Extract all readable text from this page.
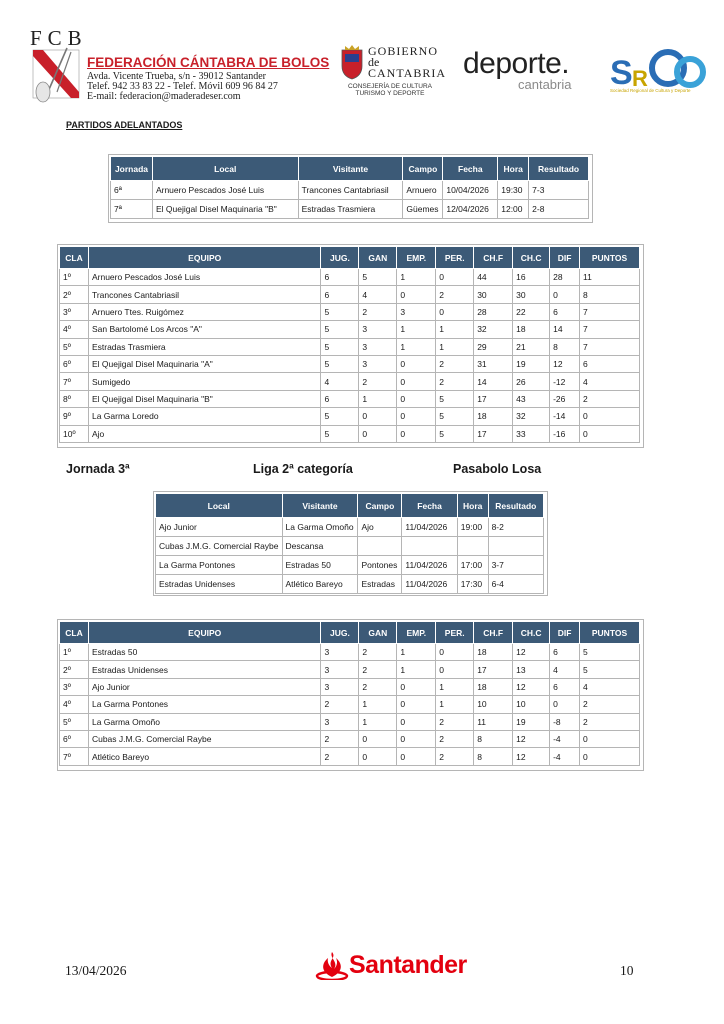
FCB
FEDERACIÓN CÁNTABRA DE BOLOS
Avda. Vicente Trueba, s/n - 39012 Santander
Telef. 942 33 83 22 - Telef. Móvil 609 96 84 27
E-mail: federacion@maderadeser.com
GOBIERNO
de
CANTABRIA
CONSEJERÍA DE CULTURA
TURISMO Y DEPORTE
deporte.
cantabria S R
Sociedad Regional de Cultura y Deporte
PARTIDOS ADELANTADOS
Jornada	Local	Visitante	Campo	Fecha	Hora	Resultado
6ª	Arnuero Pescados José Luis	Trancones Cantabriasil	Arnuero	10/04/2026	19:30	7-3
7ª	El Quejigal Disel Maquinaria "B"	Estradas Trasmiera	Güemes	12/04/2026	12:00	2-8
CLA	EQUIPO	JUG.	GAN	EMP.	PER.	CH.F	CH.C	DIF	PUNTOS
1º	Arnuero Pescados José Luis	6	5	1	0	44	16	28	11
2º	Trancones Cantabriasil	6	4	0	2	30	30	0	8
3º	Arnuero Ttes. Ruigómez	5	2	3	0	28	22	6	7
4º	San Bartolomé Los Arcos "A"	5	3	1	1	32	18	14	7
5º	Estradas Trasmiera	5	3	1	1	29	21	8	7
6º	El Quejigal Disel Maquinaria "A"	5	3	0	2	31	19	12	6
7º	Sumigedo	4	2	0	2	14	26	-12	4
8º	El Quejigal Disel Maquinaria "B"	6	1	0	5	17	43	-26	2
9º	La Garma Loredo	5	0	0	5	18	32	-14	0
10º	Ajo	5	0	0	5	17	33	-16	0
Jornada 3ª	Liga 2ª categoría	Pasabolo Losa
Local	Visitante	Campo	Fecha	Hora	Resultado
Ajo Junior	La Garma Omoño	Ajo	11/04/2026	19:00	8-2
Cubas J.M.G. Comercial Raybe	Descansa				
La Garma Pontones	Estradas 50	Pontones	11/04/2026	17:00	3-7
Estradas Unidenses	Atlético Bareyo	Estradas	11/04/2026	17:30	6-4
CLA	EQUIPO	JUG.	GAN	EMP.	PER.	CH.F	CH.C	DIF	PUNTOS
1º	Estradas 50	3	2	1	0	18	12	6	5
2º	Estradas Unidenses	3	2	1	0	17	13	4	5
3º	Ajo Junior	3	2	0	1	18	12	6	4
4º	La Garma Pontones	2	1	0	1	10	10	0	2
5º	La Garma Omoño	3	1	0	2	11	19	-8	2
6º	Cubas J.M.G. Comercial Raybe	2	0	0	2	8	12	-4	0
7º	Atlético Bareyo	2	0	0	2	8	12	-4	0
13/04/2026	Santander	10
